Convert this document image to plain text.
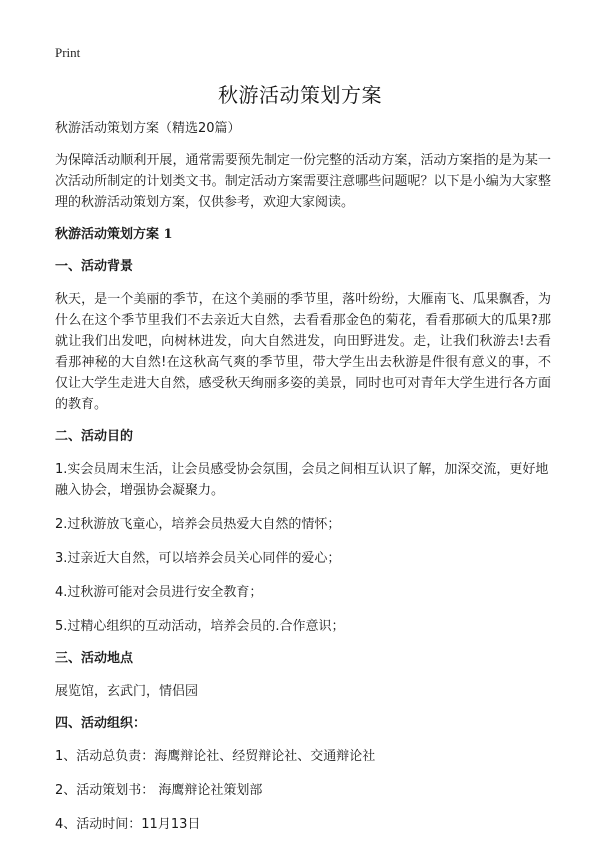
Print
秋游活动策划方案

秋游活动策划方案（精选20篇）

为保障活动顺利开展，通常需要预先制定一份完整的活动方案，活动方案指的是为某一次活动所制定的计划类文书。制定活动方案需要注意哪些问题呢？以下是小编为大家整理的秋游活动策划方案，仅供参考，欢迎大家阅读。

秋游活动策划方案 1

一、活动背景

秋天，是一个美丽的季节，在这个美丽的季节里，落叶纷纷，大雁南飞、瓜果飘香，为什么在这个季节里我们不去亲近大自然，去看看那金色的菊花，看看那硕大的瓜果?那就让我们出发吧，向树林进发，向大自然进发，向田野进发。走，让我们秋游去!去看看那神秘的大自然!在这秋高气爽的季节里，带大学生出去秋游是件很有意义的事，不仅让大学生走进大自然，感受秋天绚丽多姿的美景，同时也可对青年大学生进行各方面的教育。

二、活动目的

1.实会员周末生活，让会员感受协会氛围，会员之间相互认识了解，加深交流，更好地融入协会，增强协会凝聚力。

2.过秋游放飞童心，培养会员热爱大自然的情怀；

3.过亲近大自然，可以培养会员关心同伴的爱心；

4.过秋游可能对会员进行安全教育；

5.过精心组织的互动活动，培养会员的.合作意识；

三、活动地点

展览馆，玄武门，情侣园

四、活动组织：

1、活动总负责：海鹰辩论社、经贸辩论社、交通辩论社

2、活动策划书： 海鹰辩论社策划部

4、活动时间：11月13日
